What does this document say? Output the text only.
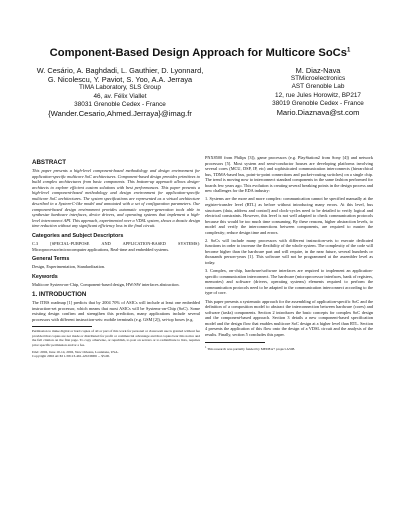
Component-Based Design Approach for Multicore SoCs$^1$
W. Cesário, A. Baghdadi, L. Gauthier, D. Lyonnard,
G. Nicolescu, Y. Paviot, S. Yoo, A.A. Jerraya
TIMA Laboratory, SLS Group
46, av. Félix Viallet
38031 Grenoble Cedex - France
{Wander.Cesario,Ahmed.Jerraya}@imag.fr
M. Diaz-Nava
STMicroelectronics
AST Grenoble Lab
12, rue Jules Horowitz, BP217
38019 Grenoble Cedex - France
Mario.Diaznava@st.com
ABSTRACT

This paper presents a high-level component-based methodology and design environment for application-specific multicore SoC architectures. Component-based design provides primitives to build complex architectures from basic components. This bottom-up approach allows design-architects to explore efficient custom solutions with best performances. This paper presents a high-level component-based methodology and design environment for application-specific multicore SoC architectures. The system specifications are represented as a virtual architecture described in a System-C-like model and annotated with a set of configuration parameters. Our component-based design environment provides automatic wrapper-generation tools able to synthesize hardware interfaces, device drivers, and operating systems that implement a high-level interconnect API. This approach, experimented over a VDSL system, shows a drastic design time reduction without any significant efficiency loss in the final circuit.

Categories and Subject Descriptors

C.3 [SPECIAL-PURPOSE AND APPLICATION-BASED SYSTEMS]: Microprocessor/microcomputer applications, Real-time and embedded systems.

General Terms

Design, Experimentation, Standardization.

Keywords

Multicore System-on-Chip, Component-based design, HW/SW interfaces abstraction.

1. INTRODUCTION

The ITRS roadmap [1] predicts that by 2004 70% of ASICs will include at least one embedded instruction-set processor, which means that most ASICs will be Systems-on-Chip (SoC). Some existing design confirm and strengthen this prediction, many applications include several processors with different instruction-sets: mobile terminals (e.g. GSM [2]), set-top boxes (e.g.

Permission to make digital or hard copies of all or part of this work for personal or classroom use is granted without fee provided that copies are not made or distributed for profit or commercial advantage and that copies bear this notice and the full citation on the first page. To copy otherwise, or republish, to post on servers or to redistribute to lists, requires prior specific permission and/or a fee.

DAC 2002, June 10-14, 2002, New Orleans, Louisiana, USA.

Copyright 2002 ACM 1-58113-461-4/02/0006 ... $5.00.

PNX8500 from Philips [3]), game processors (e.g. PlayStation2 from Sony [4]) and network processors [5]. Most system and semi-conductor houses are developing platforms involving several cores (MCU, DSP, IP, etc) and sophisticated communication interconnects (hierarchical bus, TDMA-based bus, point-to-point connections and packet-routing switches) on a single chip. The trend is moving now to interconnect standard components in the same fashion performed for boards few years ago. This evolution is creating several breaking points in the design process and new challenges for the EDA industry:

1. Systems are the more and more complex: communication cannot be specified manually at the register-transfer level (RTL) as before without introducing many errors. At this level, bus structures (data, address and control) and clock-cycles need to be detailed to verify logical and electrical constraints. However, this level is not well adapted to check communication protocols because this would be too much time consuming. By these reasons, higher abstraction levels, to model and verify the interconnections between components, are required to master the complexity; reduce design time and errors.

2. SoCs will include many processors with different instruction-sets to execute dedicated functions in order to increase the flexibility of the whole system. The complexity of the code will become higher than the hardware part and will require, in the near future, several hundreds or thousands person-years [1]. This software will not be programmed at the assembler level as today.

3. Complex, on-chip, hardware/software interfaces are required to implement an application-specific communication interconnect. The hardware (microprocessor interfaces, bank of registers, memories) and software (drivers, operating systems) elements required to perform the communication protocols need to be adapted to the communication interconnect according to the type of core.

This paper presents a systematic approach for the assembling of application-specific SoC and the definition of a composition model to abstract the interconnection between hardware (cores) and software (tasks) components. Section 2 introduces the basic concepts for complex SoC design and the component-based approach. Section 3 details a new component-based specification model and the design flow that enables multicore SoC design at a higher level than RTL. Section 4 presents the application of this flow onto the design of a VDSL circuit and the analysis of the results. Finally, section 5 concludes this paper.

$^1$ This research was partially funded by MEDEA+ project A508.
